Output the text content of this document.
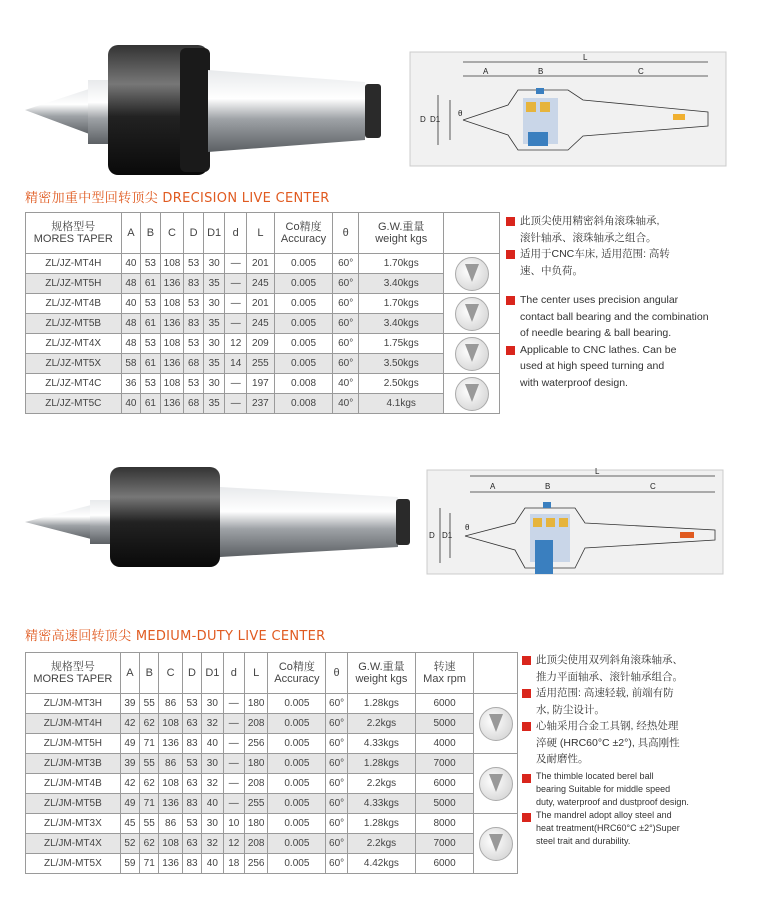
A	B
L
C
D D1
θ
精密加重中型回转顶尖 DRECISION LIVE CENTER
规格型号
MORES TAPER	A	B	C	D	D1	d	L	Co精度
Accuracy	θ	G.W.重量
weight kgs	
ZL/JZ-MT4H	40	53	108	53	30	—	201	0.005	60°	1.70kgs	

ZL/JZ-MT5H	48	61	136	83	35	—	245	0.005	60°	3.40kgs	
ZL/JZ-MT4B	40	53	108	53	30	—	201	0.005	60°	1.70kgs	

ZL/JZ-MT5B	48	61	136	83	35	—	245	0.005	60°	3.40kgs	
ZL/JZ-MT4X	48	53	108	53	30	12	209	0.005	60°	1.75kgs	

ZL/JZ-MT5X	58	61	136	68	35	14	255	0.005	60°	3.50kgs	
ZL/JZ-MT4C	36	53	108	53	30	—	197	0.008	40°	2.50kgs	

ZL/JZ-MT5C	40	61	136	68	35	—	237	0.008	40°	4.1kgs	
此顶尖使用精密斜角滚珠轴承,
滚针轴承、滚珠轴承之组合。
适用于CNC车床, 适用范围: 高转
速、中负荷。
The center uses precision angular
contact ball bearing and the combination
of needle bearing & ball bearing.
Applicable to CNC lathes. Can be
used at high speed turning and
with waterproof design.
A	B
L
C
D D1
θ
精密高速回转顶尖 MEDIUM-DUTY LIVE CENTER
规格型号
MORES TAPER	A	B	C	D	D1	d	L	Co精度
Accuracy	θ	G.W.重量
weight kgs	转速
Max rpm	
ZL/JM-MT3H	39	55	86	53	30	—	180	0.005	60°	1.28kgs	6000	

ZL/JM-MT4H	42	62	108	63	32	—	208	0.005	60°	2.2kgs	5000	
ZL/JM-MT5H	49	71	136	83	40	—	256	0.005	60°	4.33kgs	4000	
ZL/JM-MT3B	39	55	86	53	30	—	180	0.005	60°	1.28kgs	7000	

ZL/JM-MT4B	42	62	108	63	32	—	208	0.005	60°	2.2kgs	6000	
ZL/JM-MT5B	49	71	136	83	40	—	255	0.005	60°	4.33kgs	5000	
ZL/JM-MT3X	45	55	86	53	30	10	180	0.005	60°	1.28kgs	8000	

ZL/JM-MT4X	52	62	108	63	32	12	208	0.005	60°	2.2kgs	7000	
ZL/JM-MT5X	59	71	136	83	40	18	256	0.005	60°	4.42kgs	6000	
此顶尖使用双列斜角滚珠轴承、
推力平面轴承、滚针轴承组合。
适用范围: 高速轻载, 前端有防
水, 防尘设计。
心轴采用合金工具钢, 经热处理
淬硬 (HRC60°C ±2°), 具高刚性
及耐磨性。
The thimble located berel ball
bearing Suitable for middle speed
duty, waterproof and dustproof design.
The mandrel adopt alloy steel and
heat treatment(HRC60°C ±2°)Super
steel trait and durability.
